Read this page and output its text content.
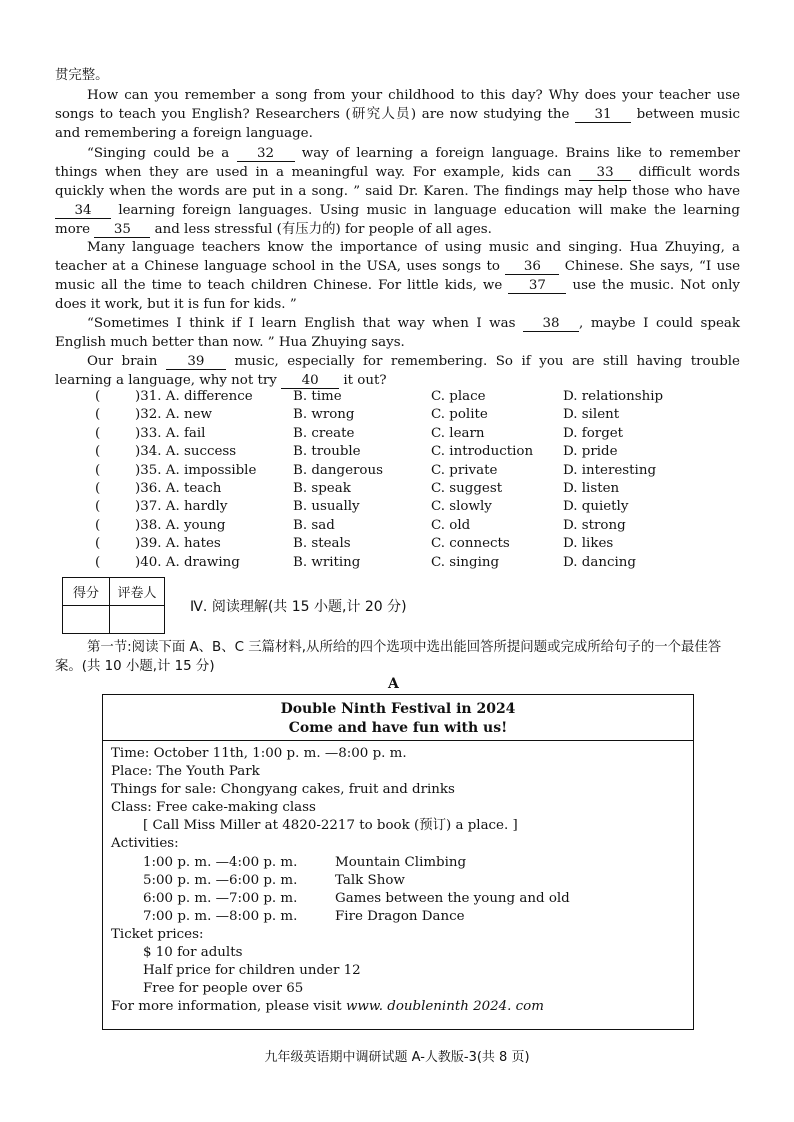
贯完整。

How can you remember a song from your childhood to this day? Why does your teacher use songs to teach you English? Researchers (研究人员) are now studying the 31 between music and remembering a foreign language.

“Singing could be a 32 way of learning a foreign language. Brains like to remember things when they are used in a meaningful way. For example, kids can 33 difficult words quickly when the words are put in a song. ” said Dr. Karen. The findings may help those who have 34 learning foreign languages. Using music in language education will make the learning more 35 and less stressful (有压力的) for people of all ages.

Many language teachers know the importance of using music and singing. Hua Zhuying, a teacher at a Chinese language school in the USA, uses songs to 36 Chinese. She says, “I use music all the time to teach children Chinese. For little kids, we 37 use the music. Not only does it work, but it is fun for kids. ”

“Sometimes I think if I learn English that way when I was 38 , maybe I could speak English much better than now. ” Hua Zhuying says.

Our brain 39 music, especially for remembering. So if you are still having trouble learning a language, why not try 40 it out?

(	)31. A. difference	B. time	C. place	D. relationship
(	)32. A. new	B. wrong	C. polite	D. silent
(	)33. A. fail	B. create	C. learn	D. forget
(	)34. A. success	B. trouble	C. introduction D. pride
(	)35. A. impossible	B. dangerous	C. private	D. interesting
(	)36. A. teach	B. speak	C. suggest	D. listen
(	)37. A. hardly	B. usually	C. slowly	D. quietly
(	)38. A. young	B. sad	C. old	D. strong
(	)39. A. hates	B. steals	C. connects	D. likes
(	)40. A. drawing	B. writing	C. singing	D. dancing
得分	评卷人

Ⅳ. 阅读理解(共 15 小题,计 20 分)

第一节:阅读下面 A、B、C 三篇材料,从所给的四个选项中选出能回答所提问题或完成所给句子的一个最佳答案。(共 10 小题,计 15 分)

A
Double Ninth Festival in 2024
Come and have fun with us!
Time: October 11th, 1:00 p. m. —8:00 p. m.
Place: The Youth Park
Things for sale: Chongyang cakes, fruit and drinks
Class: Free cake-making class
[ Call Miss Miller at 4820-2217 to book (预订) a place. ]
Activities:
1:00 p. m. —4:00 p. m.	Mountain Climbing
5:00 p. m. —6:00 p. m.	Talk Show
6:00 p. m. —7:00 p. m.	Games between the young and old
7:00 p. m. —8:00 p. m.	Fire Dragon Dance
Ticket prices:
$ 10 for adults
Half price for children under 12
Free for people over 65
For more information, please visit www. doubleninth 2024. com
九年级英语期中调研试题 A-人教版-3(共 8 页)
